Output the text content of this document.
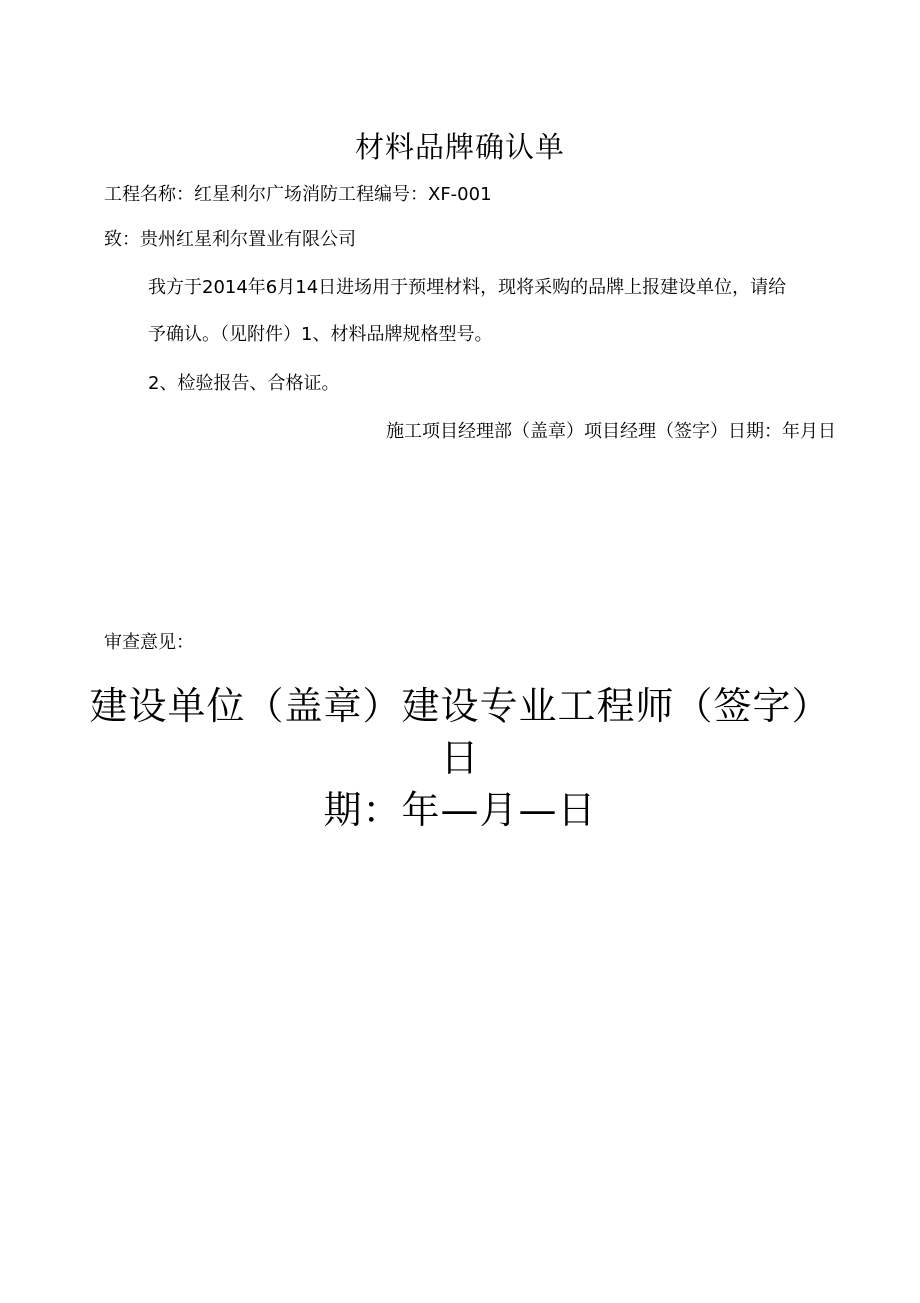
材料品牌确认单
工程名称：红星利尔广场消防工程编号：XF-001
致：贵州红星利尔置业有限公司
我方于2014年6月14日进场用于预埋材料，现将采购的品牌上报建设单位，请给
予确认。（见附件）1、材料品牌规格型号。
2、检验报告、合格证。
施工项目经理部（盖章）项目经理（签字）日期：年月日
审查意见：
建设单位（盖章）建设专业工程师（签字）日
期：年—月—日
